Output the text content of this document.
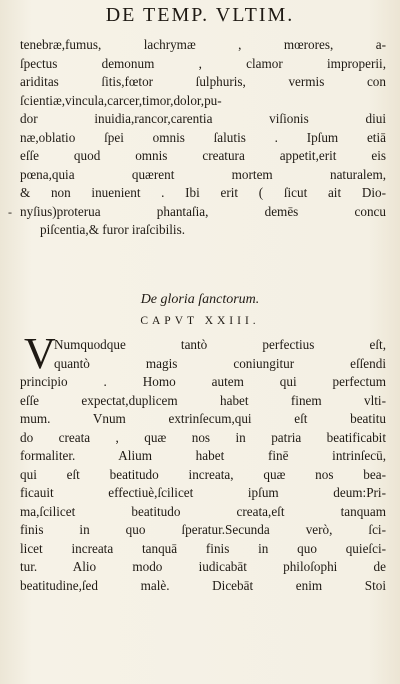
DE TEMP. VLTIM.
tenebræ,fumus, lachrymæ , mœrores, a-
ſpectus demonum , clamor improperii,
ariditas ſitis,fœtor ſulphuris, vermis con
ſcientiæ,vincula,carcer,timor,dolor,pu-
dor inuidia,rancor,carentia viſionis diui
næ,oblatio ſpei omnis ſalutis . Ipſum etiā
eſſe quod omnis creatura appetit,erit eis
pœna,quia quærent mortem naturalem,
& non inuenient . Ibi erit ( ſicut ait Dio-
- nyſius)proterua phantaſia, demēs concu
piſcentia,& furor iraſcibilis.
De gloria ſanctorum.
CAPVT XXIII.
V
Numquodque tantò perfectius eſt,
quantò magis coniungitur eſſendi
principio . Homo autem qui perfectum
eſſe expectat,duplicem habet finem vlti-
mum. Vnum extrinſecum,qui eſt beatitu
do creata , quæ nos in patria beatificabit
formaliter. Alium habet finē intrinſecū,
qui eſt beatitudo increata, quæ nos bea-
ficauit effectiuè,ſcilicet ipſum deum:Pri-
ma,ſcilicet beatitudo creata,eſt tanquam
finis in quo ſperatur.Secunda verò, ſci-
licet increata tanquā finis in quo quieſci-
tur. Alio modo iudicabāt philoſophi de
beatitudine,ſed malè. Dicebāt enim Stoi
